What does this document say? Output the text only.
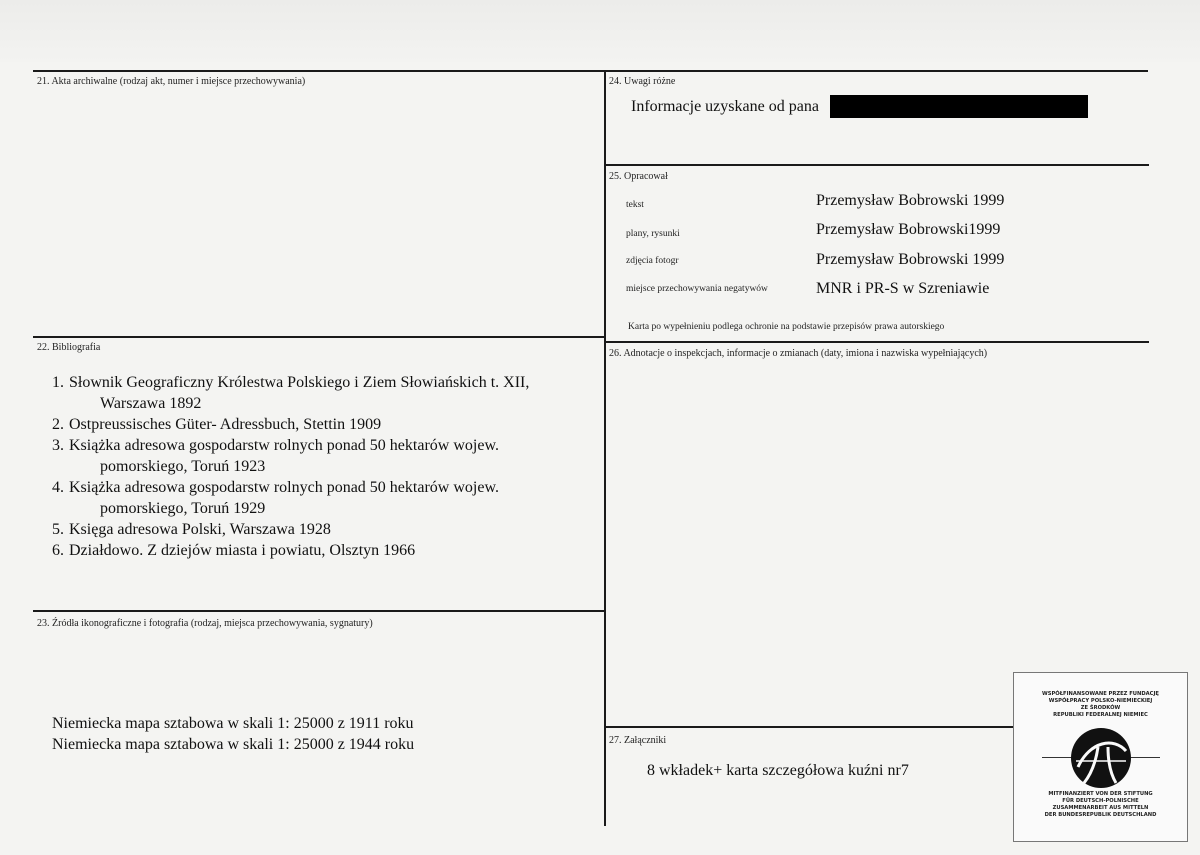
21. Akta archiwalne (rodzaj akt, numer i miejsce przechowywania)
22. Bibliografia
1. Słownik Geograficzny Królestwa Polskiego i Ziem Słowiańskich t. XII,
Warszawa 1892
2. Ostpreussisches Güter- Adressbuch, Stettin 1909
3. Książka adresowa gospodarstw rolnych ponad 50 hektarów wojew.
pomorskiego, Toruń 1923
4. Książka adresowa gospodarstw rolnych ponad 50 hektarów wojew.
pomorskiego, Toruń 1929
5. Księga adresowa Polski, Warszawa 1928
6. Działdowo. Z dziejów miasta i powiatu, Olsztyn 1966
23. Źródła ikonograficzne i fotografia (rodzaj, miejsca przechowywania, sygnatury)
Niemiecka mapa sztabowa w skali 1: 25000 z 1911 roku
Niemiecka mapa sztabowa w skali 1: 25000 z 1944 roku
24. Uwagi różne
Informacje uzyskane od pana
25. Opracował
tekst	Przemysław Bobrowski 1999
plany, rysunki	Przemysław Bobrowski1999
zdjęcia fotogr	Przemysław Bobrowski 1999
miejsce przechowywania negatywów	MNR i PR-S w Szreniawie
Karta po wypełnieniu podlega ochronie na podstawie przepisów prawa autorskiego
26. Adnotacje o inspekcjach, informacje o zmianach (daty, imiona i nazwiska wypełniających)
27. Załączniki
8 wkładek+ karta szczegółowa kuźni nr7
WSPÓŁFINANSOWANE PRZEZ FUNDACJĘ
WSPÓŁPRACY POLSKO-NIEMIECKIEJ
ZE ŚRODKÓW
REPUBLIKI FEDERALNEJ NIEMIEC
MITFINANZIERT VON DER STIFTUNG
FÜR DEUTSCH-POLNISCHE
ZUSAMMENARBEIT AUS MITTELN
DER BUNDESREPUBLIK DEUTSCHLAND
